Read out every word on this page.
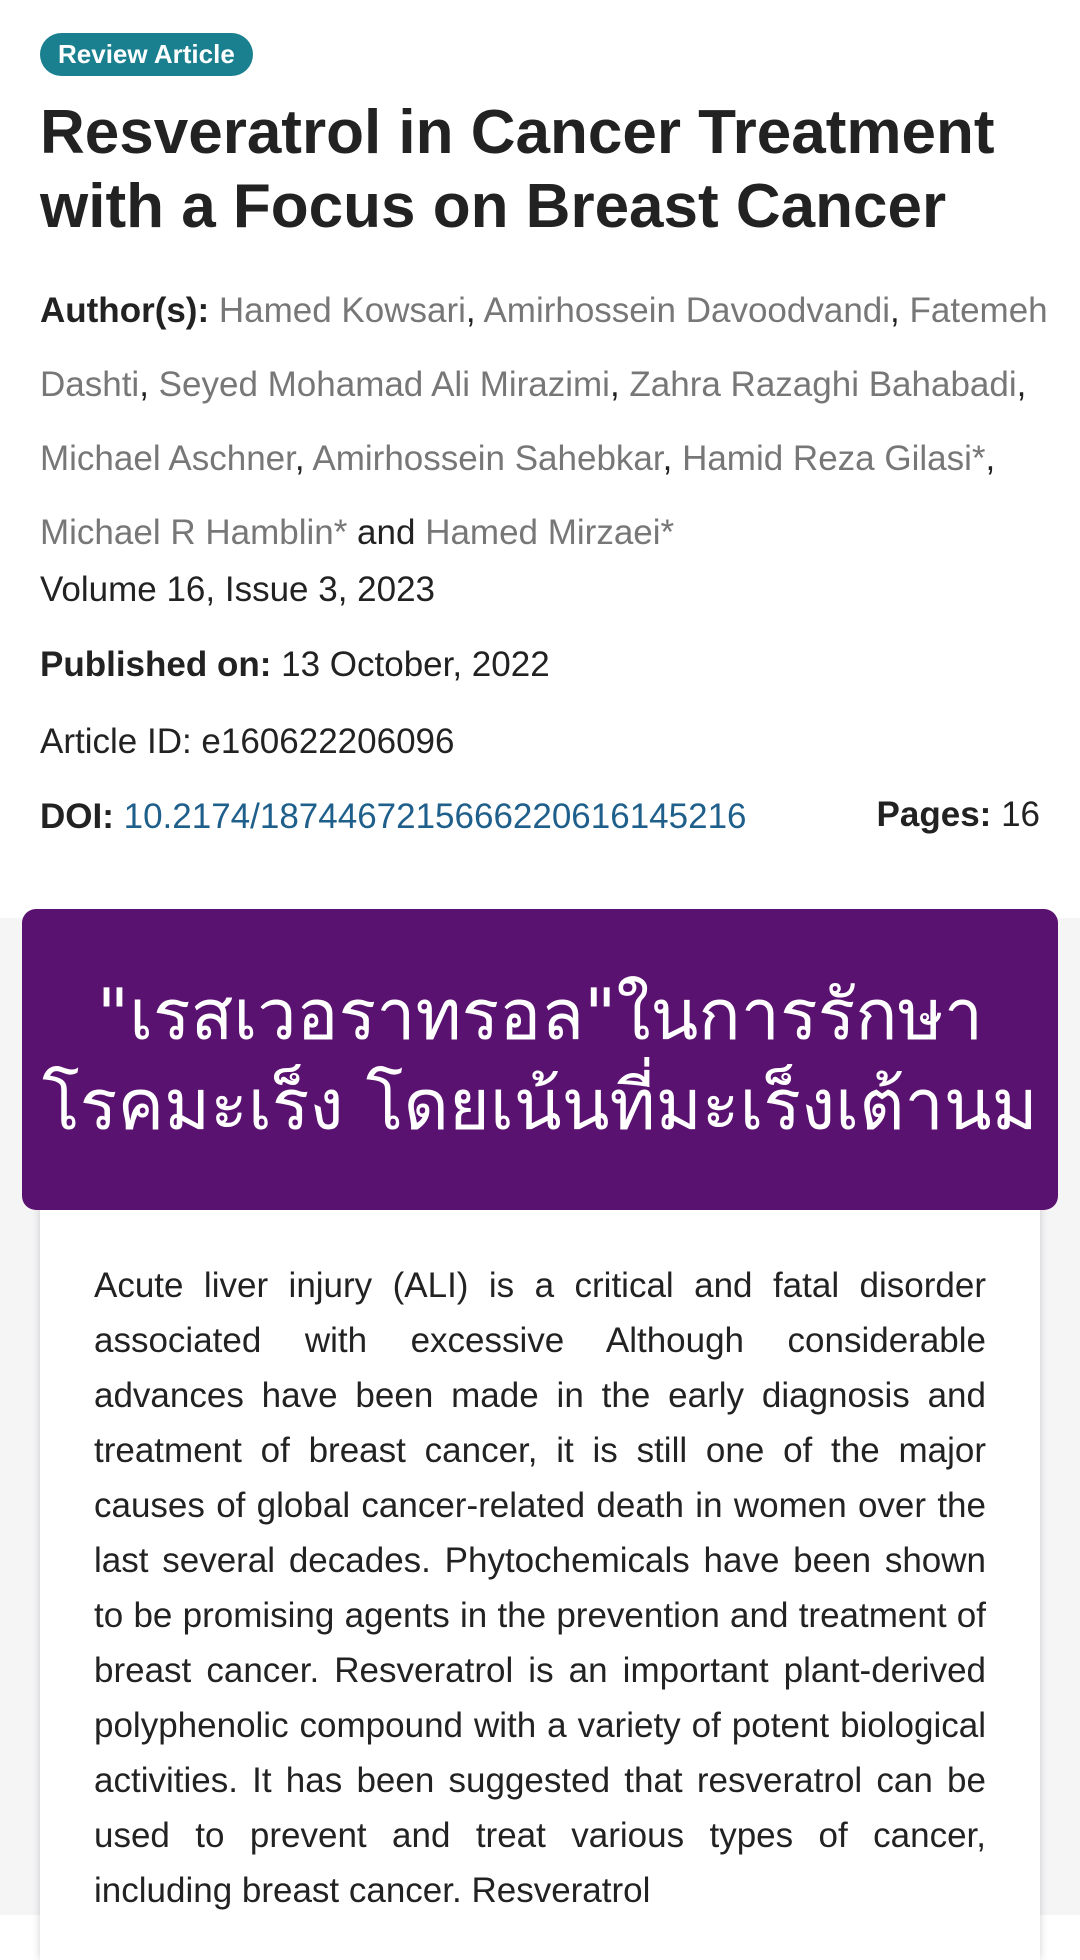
Review Article
Resveratrol in Cancer Treatment with a Focus on Breast Cancer
Author(s): Hamed Kowsari, Amirhossein Davoodvandi, Fatemeh Dashti, Seyed Mohamad Ali Mirazimi, Zahra Razaghi Bahabadi, Michael Aschner, Amirhossein Sahebkar, Hamid Reza Gilasi*, Michael R Hamblin* and Hamed Mirzaei*
Volume 16, Issue 3, 2023
Published on: 13 October, 2022
Article ID: e160622206096
DOI: 10.2174/1874467215666220616145216	Pages: 16
"เรสเวอราทรอล"ในการรักษาโรคมะเร็ง โดยเน้นที่มะเร็งเต้านม

Acute liver injury (ALI) is a critical and fatal disorder associated with excessive Although considerable advances have been made in the early diagnosis and treatment of breast cancer, it is still one of the major causes of global cancer-related death in women over the last several decades. Phytochemicals have been shown to be promising agents in the prevention and treatment of breast cancer. Resveratrol is an important plant-derived polyphenolic compound with a variety of potent biological activities. It has been suggested that resveratrol can be used to prevent and treat various types of cancer, including breast cancer. Resveratrol
